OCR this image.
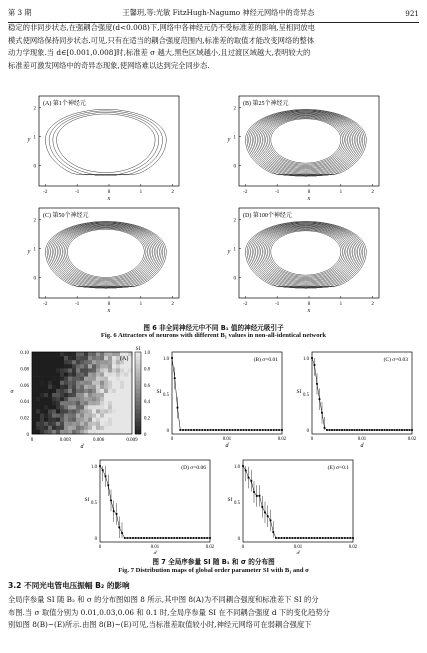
第 3 期	王馨玥,等:光敏 FitzHugh-Nagumo 神经元网络中的奇异态	921
稳定的非同步状态,在强耦合强度(d<0.008)下,网络中各神经元仍不受标准差的影响,呈相同放电
模式使网络保持同步状态.可见,只有在适当的耦合强度范围内,标准差的取值才能改变网络的整体
动力学现象.当 d∈[0.001,0.008]时,标准差 σ 越大,黑色区域越小,且过渡区域越大,表明较大的
标准差可激发网络中的奇异态现象,使网络难以达到完全同步态.
(A) 第1个神经元
-2	-1	0	1	2
0
1
2
x
y
(B) 第25个神经元
-2	-1	0	1	2
0
1
2
x
y
(C) 第50个神经元
-2	-1	0	1	2
0
1
2
x
y
(D) 第100个神经元
-2	-1	0	1	2
0
1
2
x
y
图 6 非全同神经元中不同 B₁ 值的神经元吸引子
Fig. 6 Attractors of neurons with different B₁ values in non-all-identical network
(A)
0.10
0.08
0.06
0.04
0.02
0
0	0.003	0.006	0.009
d
σ
SI
1.0
0.8
0.6
0.4
0.2
0
(B) σ=0.01
1.0
0.5
0
0	0.01	0.02
d
SI
(C) σ=0.03
1.0
0.5
0
0	0.01	0.02
d
SI
(D) σ=0.06
1.0
0.5
0
0	0.01	0.02
d
SI
(E) σ=0.1
1.0
0.5
0
0	0.01	0.02
d
SI
图 7 全局序参量 SI 随 B₁ 和 σ 的分布图
Fig. 7 Distribution maps of global order parameter SI with B₁ and σ
3.2 不同光电管电压振幅 B₂ 的影响
全局序参量 SI 随 B₂ 和 σ 的分布图如图 8 所示,其中图 8(A)为不同耦合强度和标准差下 SI 的分
布图.当 σ 取值分别为 0.01,0.03,0.06 和 0.1 时,全局序参量 SI 在不同耦合强度 d 下的变化趋势分
别如图 8(B)~(E)所示.由图 8(B)~(E)可见,当标准差取值较小时,神经元网络可在弱耦合强度下
